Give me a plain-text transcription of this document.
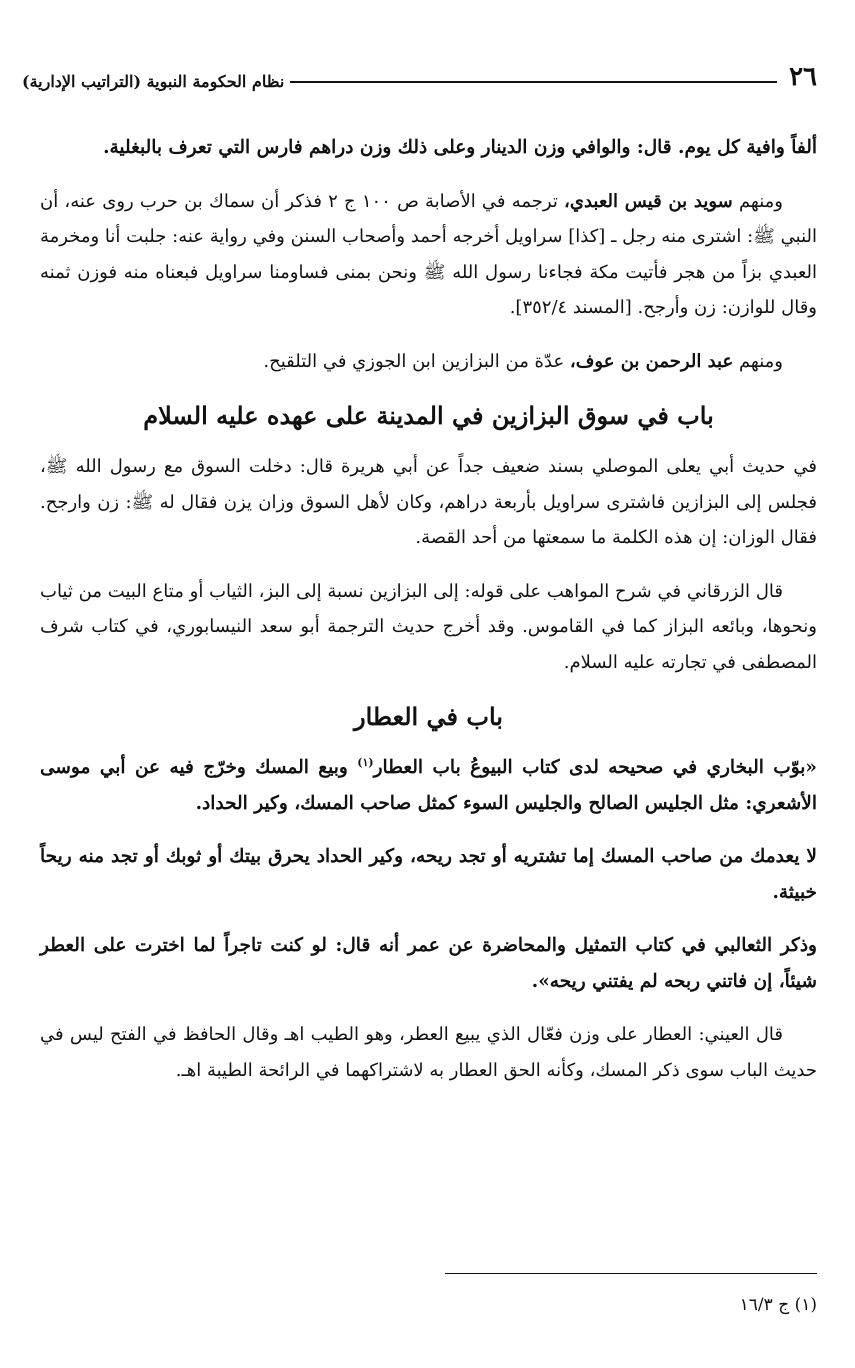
٢٦
نظام الحكومة النبوية (التراتيب الإدارية)

ألفاً وافية كل يوم. قال: والوافي وزن الدينار وعلى ذلك وزن دراهم فارس التي تعرف بالبغلية.

ومنهم سويد بن قيس العبدي، ترجمه في الأصابة ص ١٠٠ ج ٢ فذكر أن سماك بن حرب روى عنه، أن النبي ﷺ: اشترى منه رجل ـ [كذا] سراويل أخرجه أحمد وأصحاب السنن وفي رواية عنه: جلبت أنا ومخرمة العبدي بزاً من هجر فأتيت مكة فجاءنا رسول الله ﷺ ونحن بمنى فساومنا سراويل فبعناه منه فوزن ثمنه وقال للوازن: زن وأرجح. [المسند ٣٥٢/٤].

ومنهم عبد الرحمن بن عوف، عدّة من البزازين ابن الجوزي في التلقيح.

باب في سوق البزازين في المدينة على عهده عليه السلام

في حديث أبي يعلى الموصلي بسند ضعيف جداً عن أبي هريرة قال: دخلت السوق مع رسول الله ﷺ، فجلس إلى البزازين فاشترى سراويل بأربعة دراهم، وكان لأهل السوق وزان يزن فقال له ﷺ: زن وارجح. فقال الوزان: إن هذه الكلمة ما سمعتها من أحد القصة.

قال الزرقاني في شرح المواهب على قوله: إلى البزازين نسبة إلى البز، الثياب أو متاع البيت من ثياب ونحوها، وبائعه البزاز كما في القاموس. وقد أخرج حديث الترجمة أبو سعد النيسابوري، في كتاب شرف المصطفى في تجارته عليه السلام.

باب في العطار

«بوّب البخاري في صحيحه لدى كتاب البيوعُ باب العطار$^{(١)}$ وبيع المسك وخرّج فيه عن أبي موسى الأشعري: مثل الجليس الصالح والجليس السوء كمثل صاحب المسك، وكير الحداد.

لا يعدمك من صاحب المسك إما تشتريه أو تجد ريحه، وكير الحداد يحرق بيتك أو ثوبك أو تجد منه ريحاً خبيثة.

وذكر الثعالبي في كتاب التمثيل والمحاضرة عن عمر أنه قال: لو كنت تاجراً لما اخترت على العطر شيئاً، إن فاتني ربحه لم يفتني ريحه».

قال العيني: العطار على وزن فعّال الذي يبيع العطر، وهو الطيب اهـ وقال الحافظ في الفتح ليس في حديث الباب سوى ذكر المسك، وكأنه الحق العطار به لاشتراكهما في الرائحة الطيبة اهـ.

(١) ج ١٦/٣
